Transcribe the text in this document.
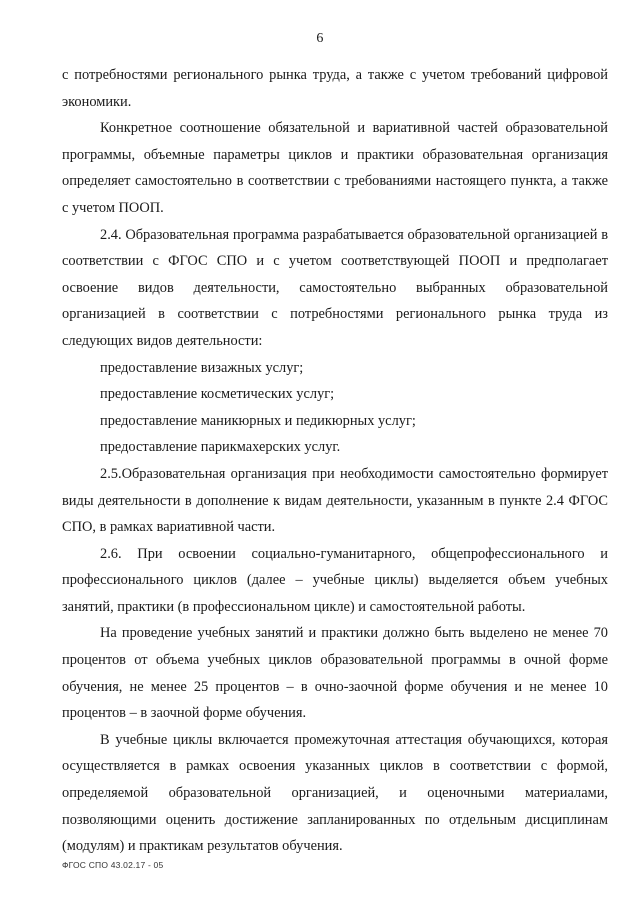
6

с потребностями регионального рынка труда, а также с учетом требований цифровой экономики.

Конкретное соотношение обязательной и вариативной частей образовательной программы, объемные параметры циклов и практики образовательная организация определяет самостоятельно в соответствии с требованиями настоящего пункта, а также с учетом ПООП.

2.4. Образовательная программа разрабатывается образовательной организацией в соответствии с ФГОС СПО и с учетом соответствующей ПООП и предполагает освоение видов деятельности, самостоятельно выбранных образовательной организацией в соответствии с потребностями регионального рынка труда из следующих видов деятельности:

предоставление визажных услуг;

предоставление косметических услуг;

предоставление маникюрных и педикюрных услуг;

предоставление парикмахерских услуг.

2.5.Образовательная организация при необходимости самостоятельно формирует виды деятельности в дополнение к видам деятельности, указанным в пункте 2.4 ФГОС СПО, в рамках вариативной части.

2.6. При освоении социально-гуманитарного, общепрофессионального и профессионального циклов (далее – учебные циклы) выделяется объем учебных занятий, практики (в профессиональном цикле) и самостоятельной работы.

На проведение учебных занятий и практики должно быть выделено не менее 70 процентов от объема учебных циклов образовательной программы в очной форме обучения, не менее 25 процентов – в очно-заочной форме обучения и не менее 10 процентов – в заочной форме обучения.

В учебные циклы включается промежуточная аттестация обучающихся, которая осуществляется в рамках освоения указанных циклов в соответствии с формой, определяемой образовательной организацией, и оценочными материалами, позволяющими оценить достижение запланированных по отдельным дисциплинам (модулям) и практикам результатов обучения.

ФГОС СПО 43.02.17 - 05
